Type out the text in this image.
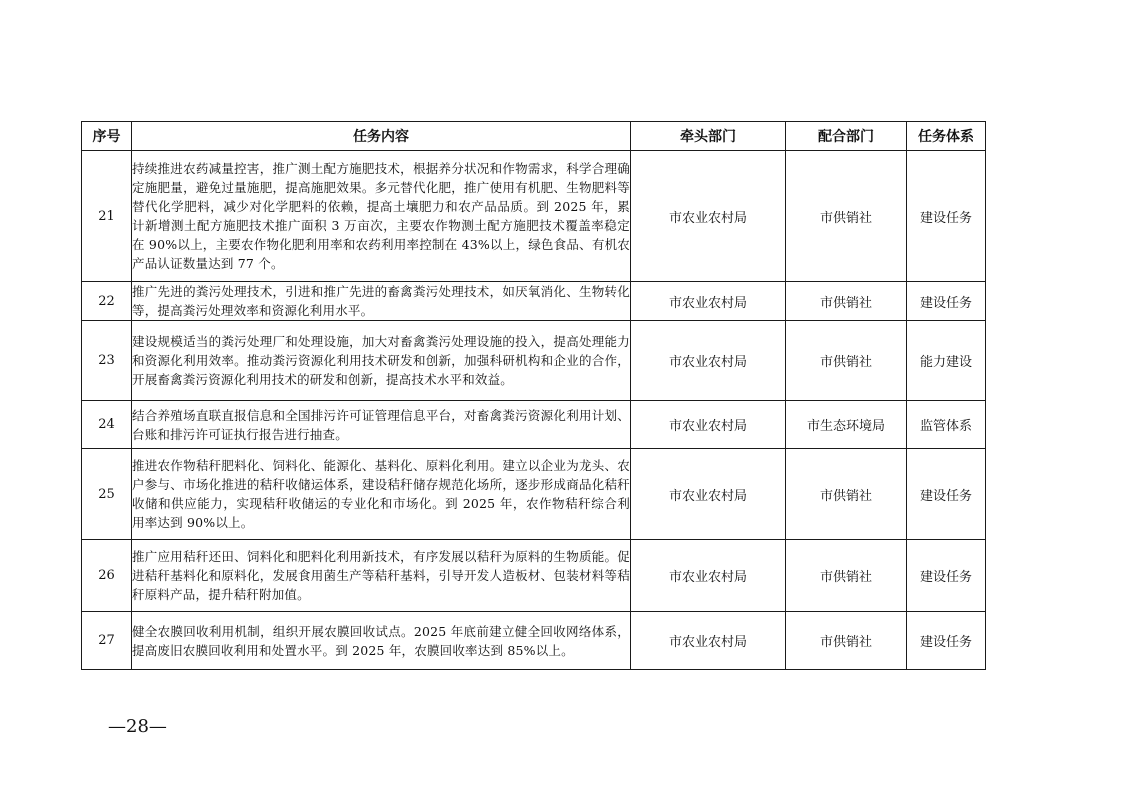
序号	任务内容	牵头部门	配合部门	任务体系
21	持续推进农药减量控害，推广测土配方施肥技术，根据养分状况和作物需求，科学合理确定施肥量，避免过量施肥，提高施肥效果。多元替代化肥，推广使用有机肥、生物肥料等替代化学肥料，减少对化学肥料的依赖，提高土壤肥力和农产品品质。到 2025 年，累计新增测土配方施肥技术推广面积 3 万亩次，主要农作物测土配方施肥技术覆盖率稳定在 90%以上，主要农作物化肥利用率和农药利用率控制在 43%以上，绿色食品、有机农产品认证数量达到 77 个。	市农业农村局	市供销社	建设任务
22	推广先进的粪污处理技术，引进和推广先进的畜禽粪污处理技术，如厌氧消化、生物转化等，提高粪污处理效率和资源化利用水平。	市农业农村局	市供销社	建设任务
23	建设规模适当的粪污处理厂和处理设施，加大对畜禽粪污处理设施的投入，提高处理能力和资源化利用效率。推动粪污资源化利用技术研发和创新，加强科研机构和企业的合作，开展畜禽粪污资源化利用技术的研发和创新，提高技术水平和效益。	市农业农村局	市供销社	能力建设
24	结合养殖场直联直报信息和全国排污许可证管理信息平台，对畜禽粪污资源化利用计划、台账和排污许可证执行报告进行抽查。	市农业农村局	市生态环境局	监管体系
25	推进农作物秸秆肥料化、饲料化、能源化、基料化、原料化利用。建立以企业为龙头、农户参与、市场化推进的秸秆收储运体系，建设秸秆储存规范化场所，逐步形成商品化秸秆收储和供应能力，实现秸秆收储运的专业化和市场化。到 2025 年，农作物秸秆综合利用率达到 90%以上。	市农业农村局	市供销社	建设任务
26	推广应用秸秆还田、饲料化和肥料化利用新技术，有序发展以秸秆为原料的生物质能。促进秸秆基料化和原料化，发展食用菌生产等秸秆基料，引导开发人造板材、包装材料等秸秆原料产品，提升秸秆附加值。	市农业农村局	市供销社	建设任务
27	健全农膜回收利用机制，组织开展农膜回收试点。2025 年底前建立健全回收网络体系，提高废旧农膜回收利用和处置水平。到 2025 年，农膜回收率达到 85%以上。	市农业农村局	市供销社	建设任务
—28—
